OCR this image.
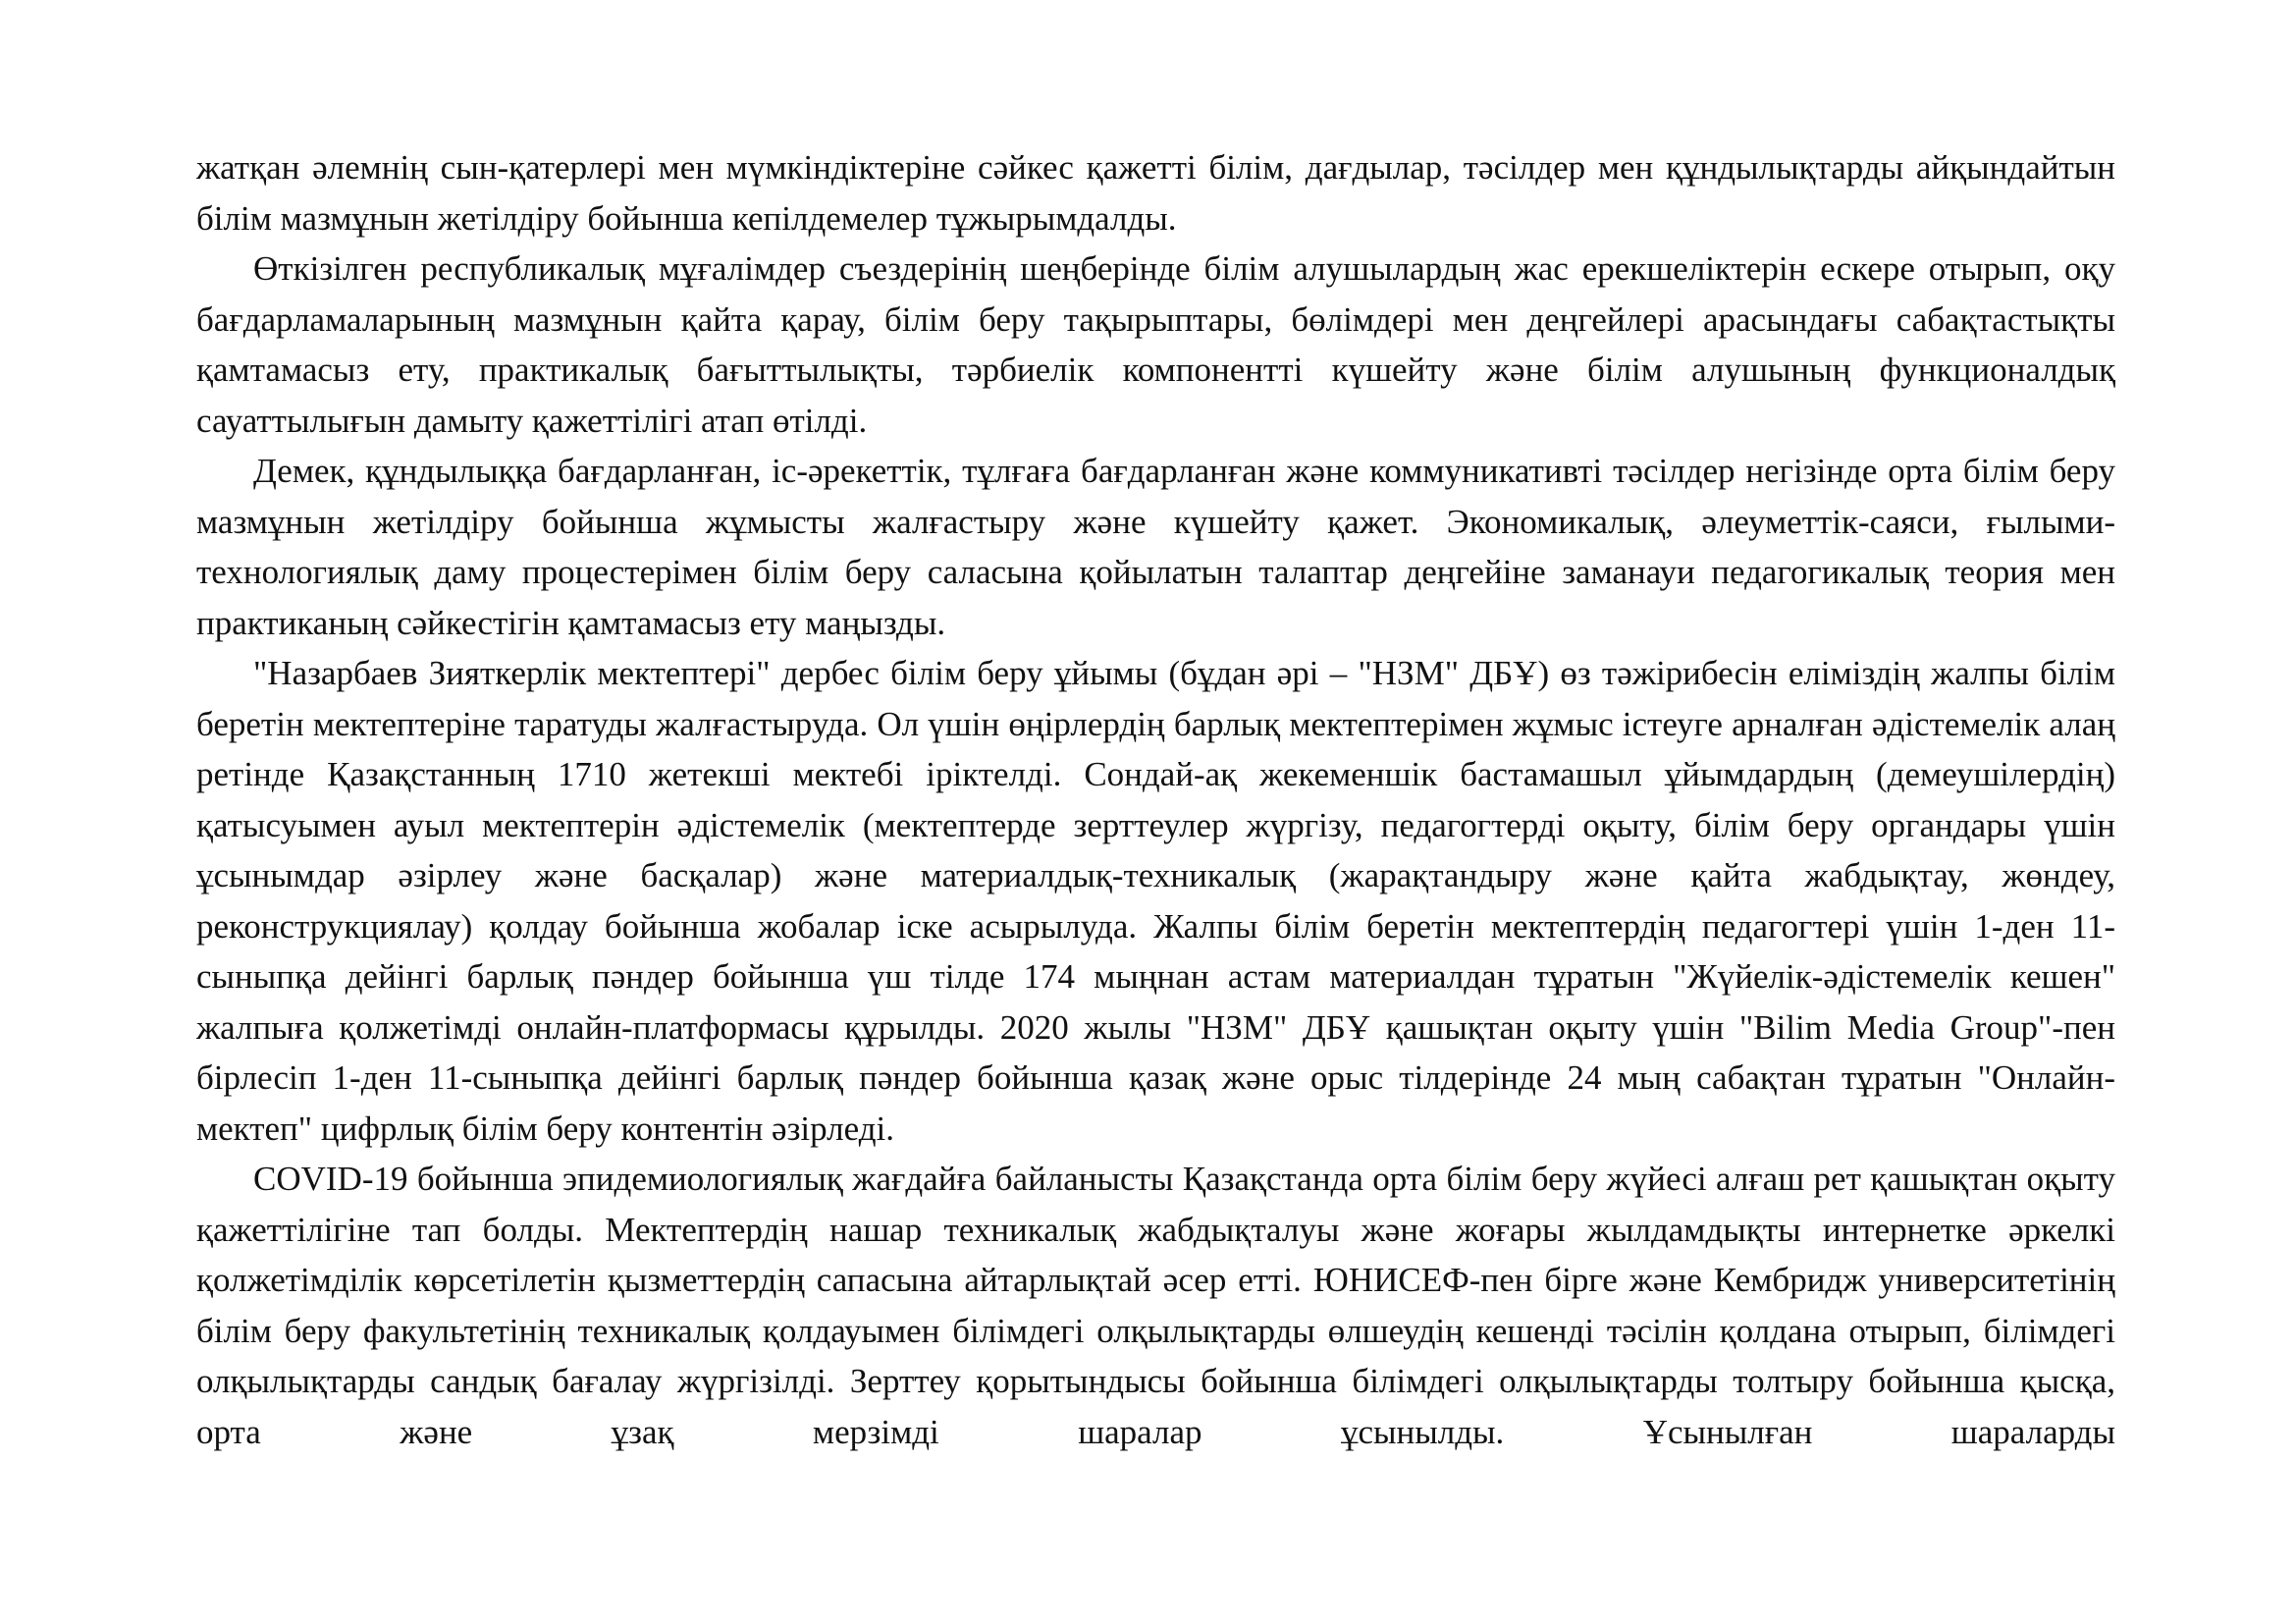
жатқан әлемнің сын-қатерлері мен мүмкіндіктеріне сәйкес қажетті білім, дағдылар, тәсілдер мен құндылықтарды айқындайтын білім мазмұнын жетілдіру бойынша кепілдемелер тұжырымдалды.

Өткізілген республикалық мұғалімдер съездерінің шеңберінде білім алушылардың жас ерекшеліктерін ескере отырып, оқу бағдарламаларының мазмұнын қайта қарау, білім беру тақырыптары, бөлімдері мен деңгейлері арасындағы сабақтастықты қамтамасыз ету, практикалық бағыттылықты, тәрбиелік компонентті күшейту және білім алушының функционалдық сауаттылығын дамыту қажеттілігі атап өтілді.

Демек, құндылыққа бағдарланған, іс-әрекеттік, тұлғаға бағдарланған және коммуникативті тәсілдер негізінде орта білім беру мазмұнын жетілдіру бойынша жұмысты жалғастыру және күшейту қажет. Экономикалық, әлеуметтік-саяси, ғылыми-технологиялық даму процестерімен білім беру саласына қойылатын талаптар деңгейіне заманауи педагогикалық теория мен практиканың сәйкестігін қамтамасыз ету маңызды.

"Назарбаев Зияткерлік мектептері" дербес білім беру ұйымы (бұдан әрі – "НЗМ" ДБҰ) өз тәжірибесін еліміздің жалпы білім беретін мектептеріне таратуды жалғастыруда. Ол үшін өңірлердің барлық мектептерімен жұмыс істеуге арналған әдістемелік алаң ретінде Қазақстанның 1710 жетекші мектебі іріктелді. Сондай-ақ жекеменшік бастамашыл ұйымдардың (демеушілердің) қатысуымен ауыл мектептерін әдістемелік (мектептерде зерттеулер жүргізу, педагогтерді оқыту, білім беру органдары үшін ұсынымдар әзірлеу және басқалар) және материалдық-техникалық (жарақтандыру және қайта жабдықтау, жөндеу, реконструкциялау) қолдау бойынша жобалар іске асырылуда. Жалпы білім беретін мектептердің педагогтері үшін 1-ден 11-сыныпқа дейінгі барлық пәндер бойынша үш тілде 174 мыңнан астам материалдан тұратын "Жүйелік-әдістемелік кешен" жалпыға қолжетімді онлайн-платформасы құрылды. 2020 жылы "НЗМ" ДБҰ қашықтан оқыту үшін "Bilim Media Group"-пен бірлесіп 1-ден 11-сыныпқа дейінгі барлық пәндер бойынша қазақ және орыс тілдерінде 24 мың сабақтан тұратын "Онлайн-мектеп" цифрлық білім беру контентін әзірледі.

COVID-19 бойынша эпидемиологиялық жағдайға байланысты Қазақстанда орта білім беру жүйесі алғаш рет қашықтан оқыту қажеттілігіне тап болды. Мектептердің нашар техникалық жабдықталуы және жоғары жылдамдықты интернетке әркелкі қолжетімділік көрсетілетін қызметтердің сапасына айтарлықтай әсер етті. ЮНИСЕФ-пен бірге және Кембридж университетінің білім беру факультетінің техникалық қолдауымен білімдегі олқылықтарды өлшеудің кешенді тәсілін қолдана отырып, білімдегі олқылықтарды сандық бағалау жүргізілді. Зерттеу қорытындысы бойынша білімдегі олқылықтарды толтыру бойынша қысқа, орта және ұзақ мерзімді шаралар ұсынылды. Ұсынылған шараларды
